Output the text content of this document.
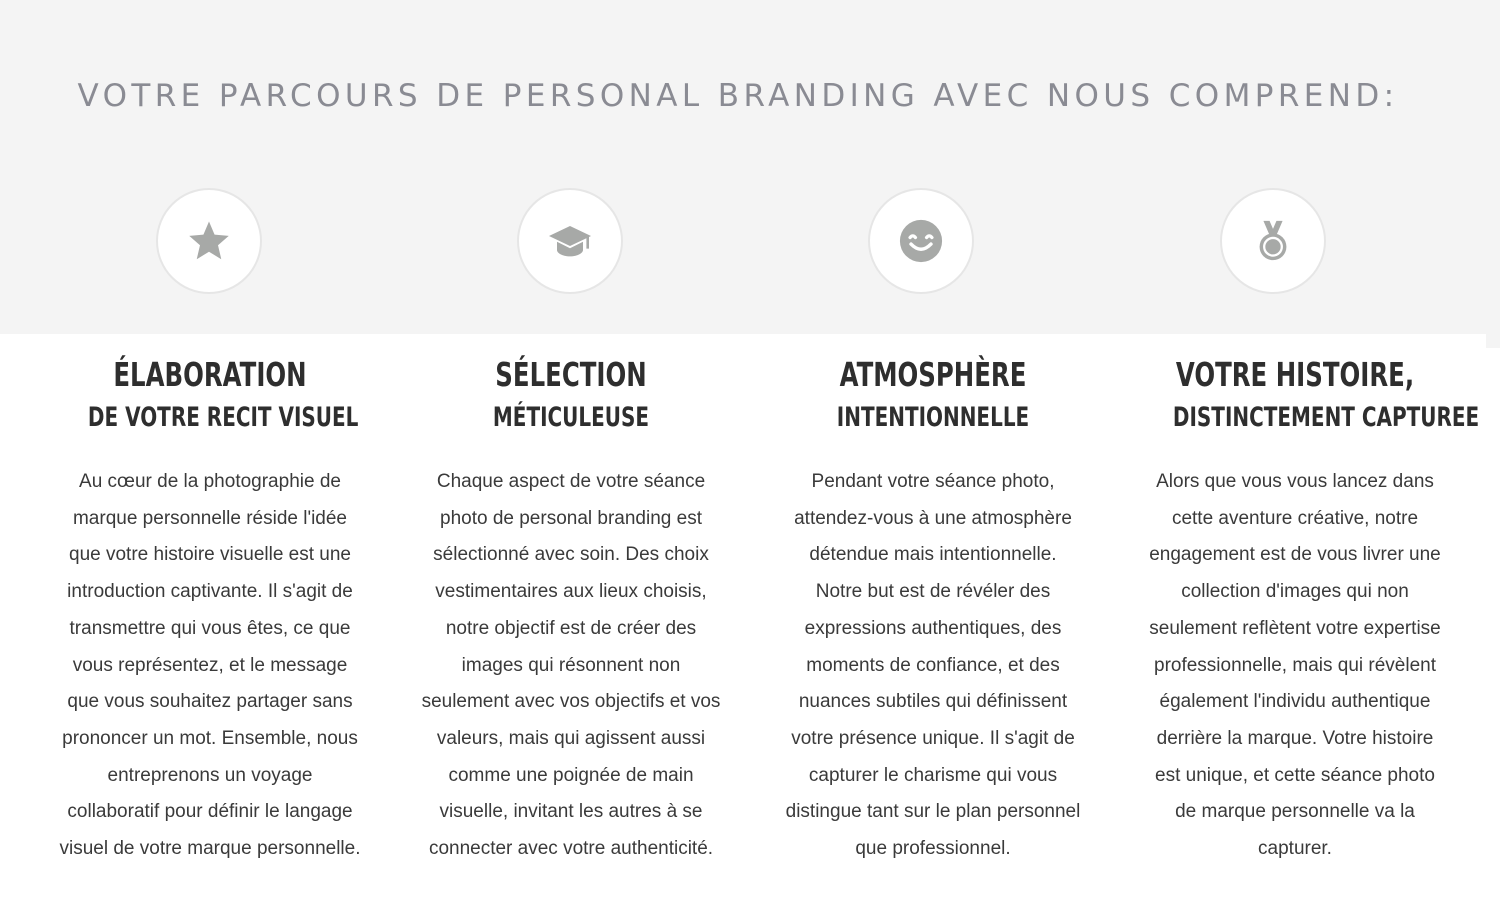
VOTRE PARCOURS DE PERSONAL BRANDING AVEC NOUS COMPREND:
ÉLABORATION
DE VOTRE RECIT VISUEL
Au cœur de la photographie de
marque personnelle réside l'idée
que votre histoire visuelle est une
introduction captivante. Il s'agit de
transmettre qui vous êtes, ce que
vous représentez, et le message
que vous souhaitez partager sans
prononcer un mot. Ensemble, nous
entreprenons un voyage
collaboratif pour définir le langage
visuel de votre marque personnelle.
SÉLECTION
MÉTICULEUSE
Chaque aspect de votre séance
photo de personal branding est
sélectionné avec soin. Des choix
vestimentaires aux lieux choisis,
notre objectif est de créer des
images qui résonnent non
seulement avec vos objectifs et vos
valeurs, mais qui agissent aussi
comme une poignée de main
visuelle, invitant les autres à se
connecter avec votre authenticité.
ATMOSPHÈRE
INTENTIONNELLE
Pendant votre séance photo,
attendez-vous à une atmosphère
détendue mais intentionnelle.
Notre but est de révéler des
expressions authentiques, des
moments de confiance, et des
nuances subtiles qui définissent
votre présence unique. Il s'agit de
capturer le charisme qui vous
distingue tant sur le plan personnel
que professionnel.
VOTRE HISTOIRE,
DISTINCTEMENT CAPTUREE
Alors que vous vous lancez dans
cette aventure créative, notre
engagement est de vous livrer une
collection d'images qui non
seulement reflètent votre expertise
professionnelle, mais qui révèlent
également l'individu authentique
derrière la marque. Votre histoire
est unique, et cette séance photo
de marque personnelle va la
capturer.
